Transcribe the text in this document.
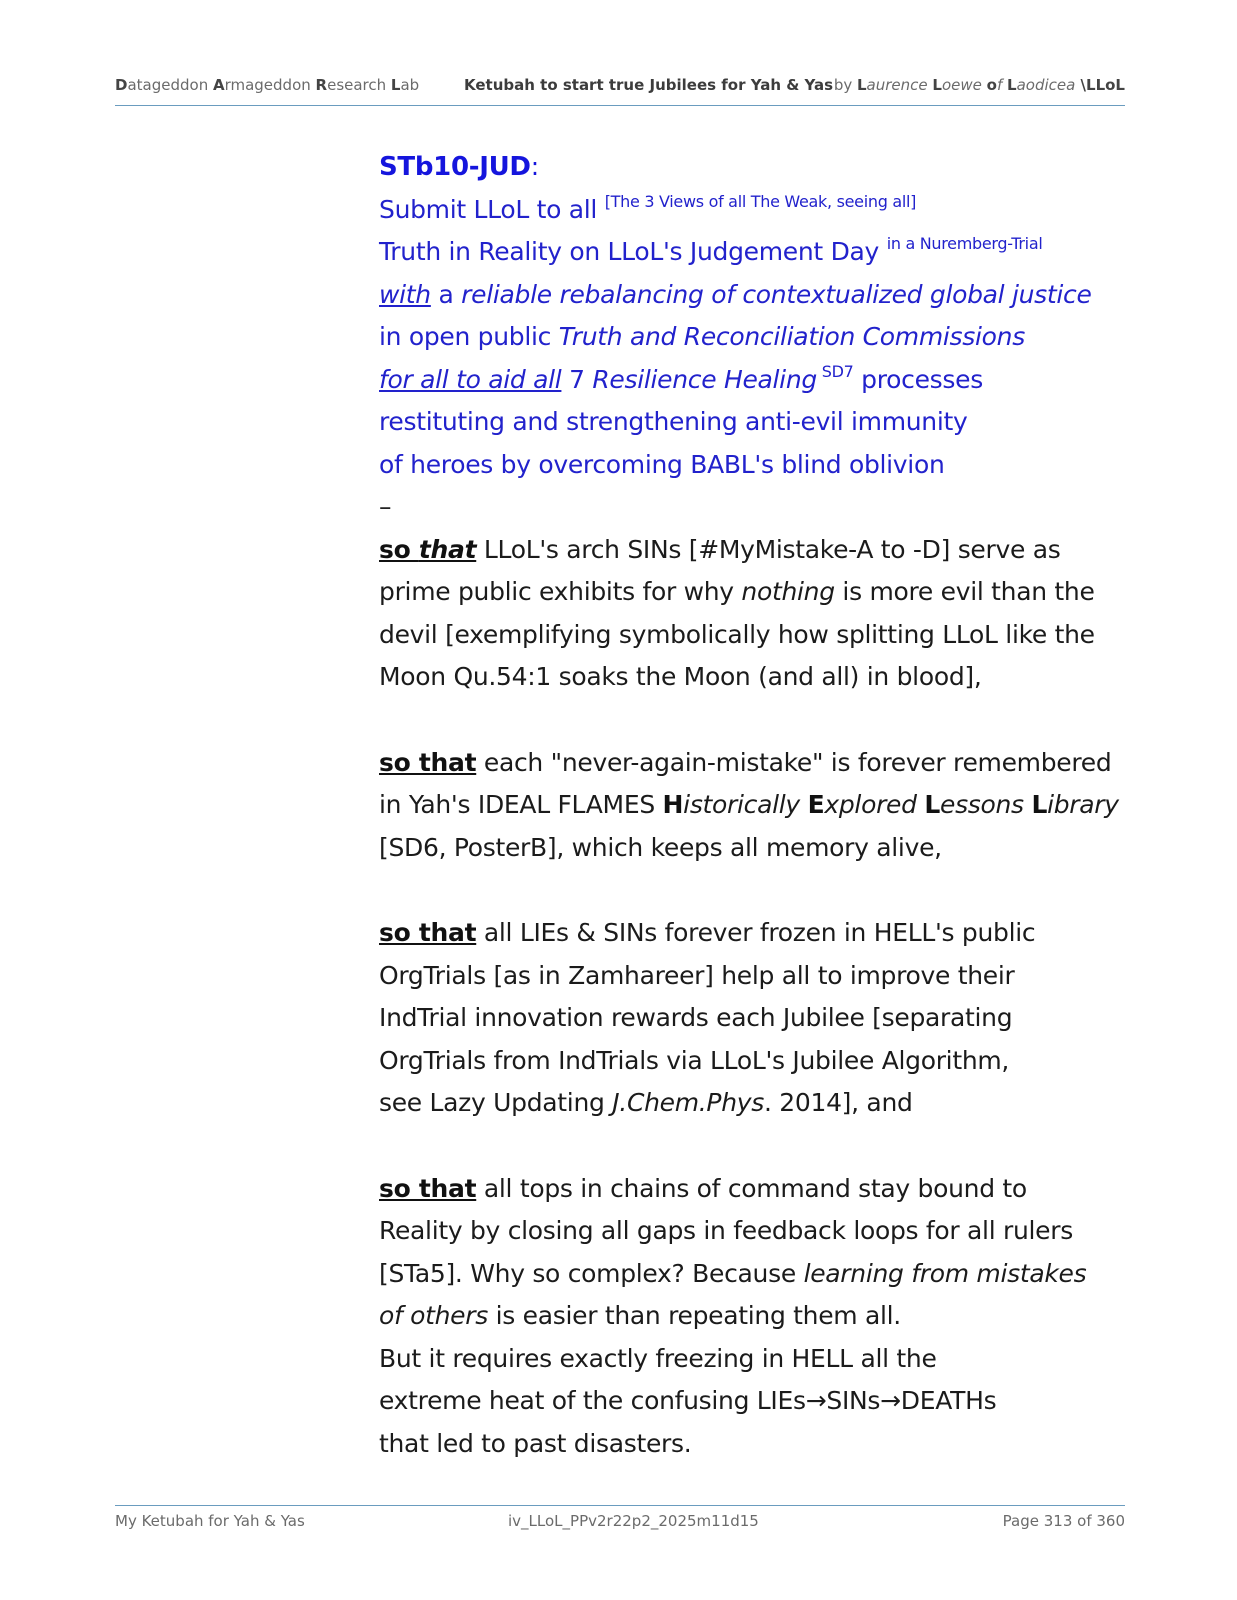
Datageddon Armageddon Research Lab	Ketubah to start true Jubilees for Yah & Yas by Laurence Loewe of Laodicea \LLoL
STb10-JUD:
Submit LLoL to all [The 3 Views of all The Weak, seeing all]
Truth in Reality on LLoL's Judgement Day $^{in a Nuremberg-Trial}$
with a reliable rebalancing of contextualized global justice
in open public Truth and Reconciliation Commissions
for all to aid all 7 Resilience Healing $^{SD7}$ processes
restituting and strengthening anti-evil immunity
of heroes by overcoming BABL's blind oblivion
–
so that LLoL's arch SINs [#MyMistake-A to -D] serve as
prime public exhibits for why nothing is more evil than the
devil [exemplifying symbolically how splitting LLoL like the
Moon Qu.54:1 soaks the Moon (and all) in blood],
so that each "never-again-mistake" is forever remembered
in Yah's IDEAL FLAMES Historically Explored Lessons Library
[SD6, PosterB], which keeps all memory alive,
so that all LIEs & SINs forever frozen in HELL's public
OrgTrials [as in Zamhareer] help all to improve their
IndTrial innovation rewards each Jubilee [separating
OrgTrials from IndTrials via LLoL's Jubilee Algorithm,
see Lazy Updating J.Chem.Phys. 2014], and
so that all tops in chains of command stay bound to
Reality by closing all gaps in feedback loops for all rulers
[STa5]. Why so complex? Because learning from mistakes
of others is easier than repeating them all.
But it requires exactly freezing in HELL all the
extreme heat of the confusing LIEs→SINs→DEATHs
that led to past disasters.
My Ketubah for Yah & Yas	iv_LLoL_PPv2r22p2_2025m11d15	Page 313 of 360
